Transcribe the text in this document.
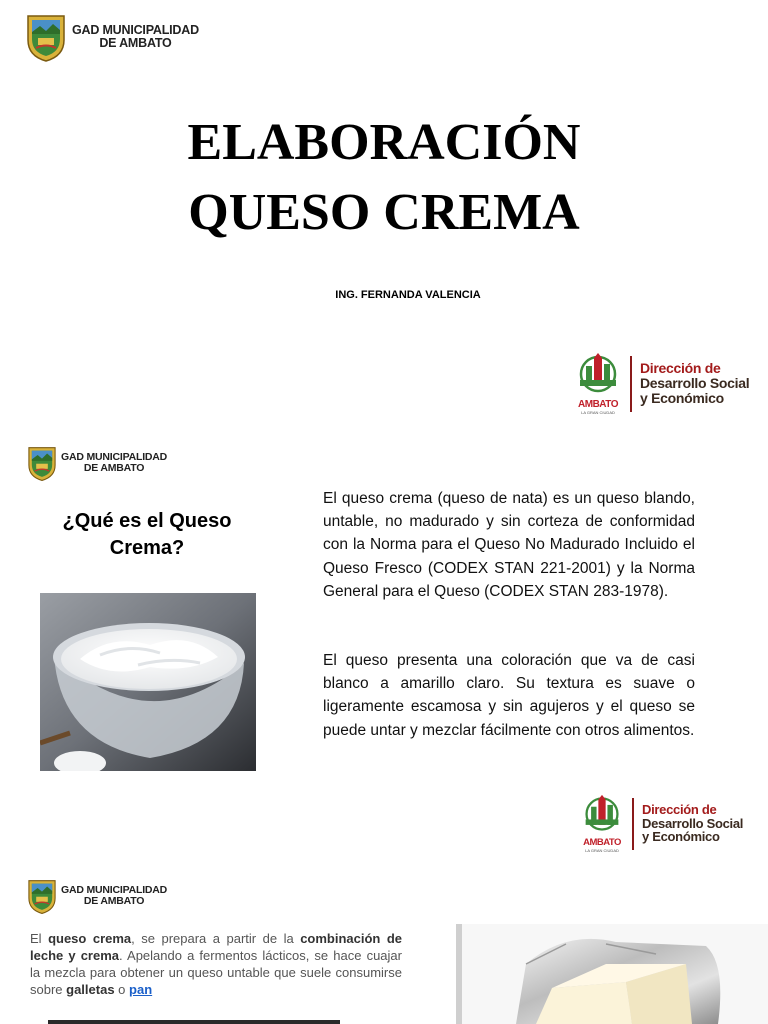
GAD MUNICIPALIDAD
DE AMBATO
ELABORACIÓN
QUESO CREMA
ING. FERNANDA VALENCIA
AMBATO
LA GRAN CIUDAD
Dirección de
Desarrollo Social
y Económico
GAD MUNICIPALIDAD
DE AMBATO
¿Qué es el Queso
Crema?

El queso crema (queso de nata) es un queso blando, untable, no madurado y sin corteza de conformidad con la Norma para el Queso No Madurado Incluido el Queso Fresco (CODEX STAN 221-2001) y la Norma General para el Queso (CODEX STAN 283-1978).

El queso presenta una coloración que va de casi blanco a amarillo claro. Su textura es suave o ligeramente escamosa y sin agujeros y el queso se puede untar y mezclar fácilmente con otros alimentos.

AMBATO
LA GRAN CIUDAD
Dirección de
Desarrollo Social
y Económico
GAD MUNICIPALIDAD
DE AMBATO

El queso crema, se prepara a partir de la combinación de leche y crema. Apelando a fermentos lácticos, se hace cuajar la mezcla para obtener un queso untable que suele consumirse sobre galletas o pan
